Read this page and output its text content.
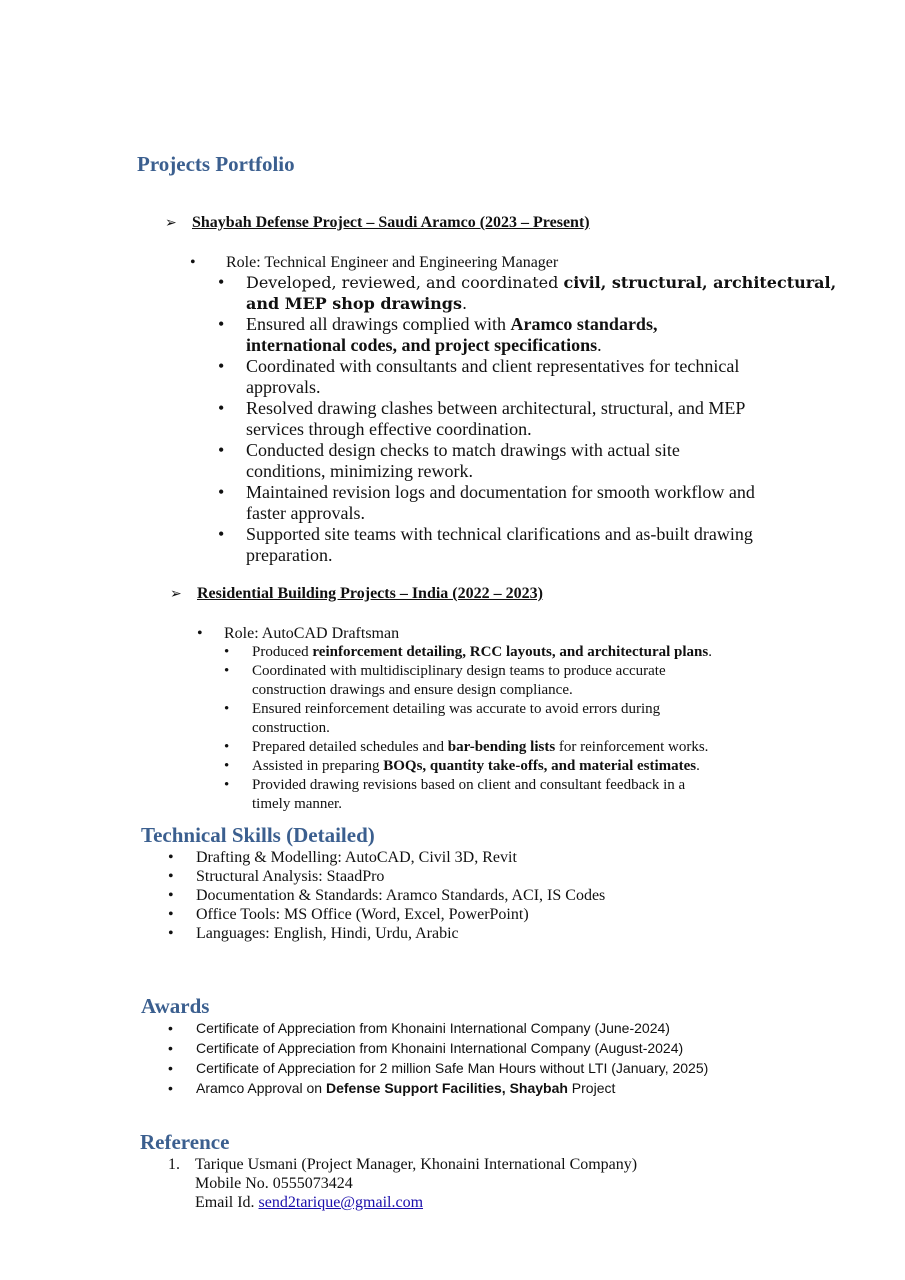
Projects Portfolio
➢ Shaybah Defense Project – Saudi Aramco (2023 – Present)
• Role: Technical Engineer and Engineering Manager
• Developed, reviewed, and coordinated civil, structural, architectural,
and MEP shop drawings.
• Ensured all drawings complied with Aramco standards,
international codes, and project specifications.
• Coordinated with consultants and client representatives for technical
approvals.
• Resolved drawing clashes between architectural, structural, and MEP
services through effective coordination.
• Conducted design checks to match drawings with actual site
conditions, minimizing rework.
• Maintained revision logs and documentation for smooth workflow and
faster approvals.
• Supported site teams with technical clarifications and as-built drawing
preparation.
➢ Residential Building Projects – India (2022 – 2023)
• Role: AutoCAD Draftsman
• Produced reinforcement detailing, RCC layouts, and architectural plans.
• Coordinated with multidisciplinary design teams to produce accurate
construction drawings and ensure design compliance.
• Ensured reinforcement detailing was accurate to avoid errors during
construction.
• Prepared detailed schedules and bar-bending lists for reinforcement works.
• Assisted in preparing BOQs, quantity take-offs, and material estimates.
• Provided drawing revisions based on client and consultant feedback in a
timely manner.
Technical Skills (Detailed)
• Drafting & Modelling: AutoCAD, Civil 3D, Revit
• Structural Analysis: StaadPro
• Documentation & Standards: Aramco Standards, ACI, IS Codes
• Office Tools: MS Office (Word, Excel, PowerPoint)
• Languages: English, Hindi, Urdu, Arabic
Awards
• Certificate of Appreciation from Khonaini International Company (June-2024)
• Certificate of Appreciation from Khonaini International Company (August-2024)
• Certificate of Appreciation for 2 million Safe Man Hours without LTI (January, 2025)
• Aramco Approval on Defense Support Facilities, Shaybah Project
Reference
1. Tarique Usmani (Project Manager, Khonaini International Company)
Mobile No. 0555073424
Email Id. send2tarique@gmail.com
